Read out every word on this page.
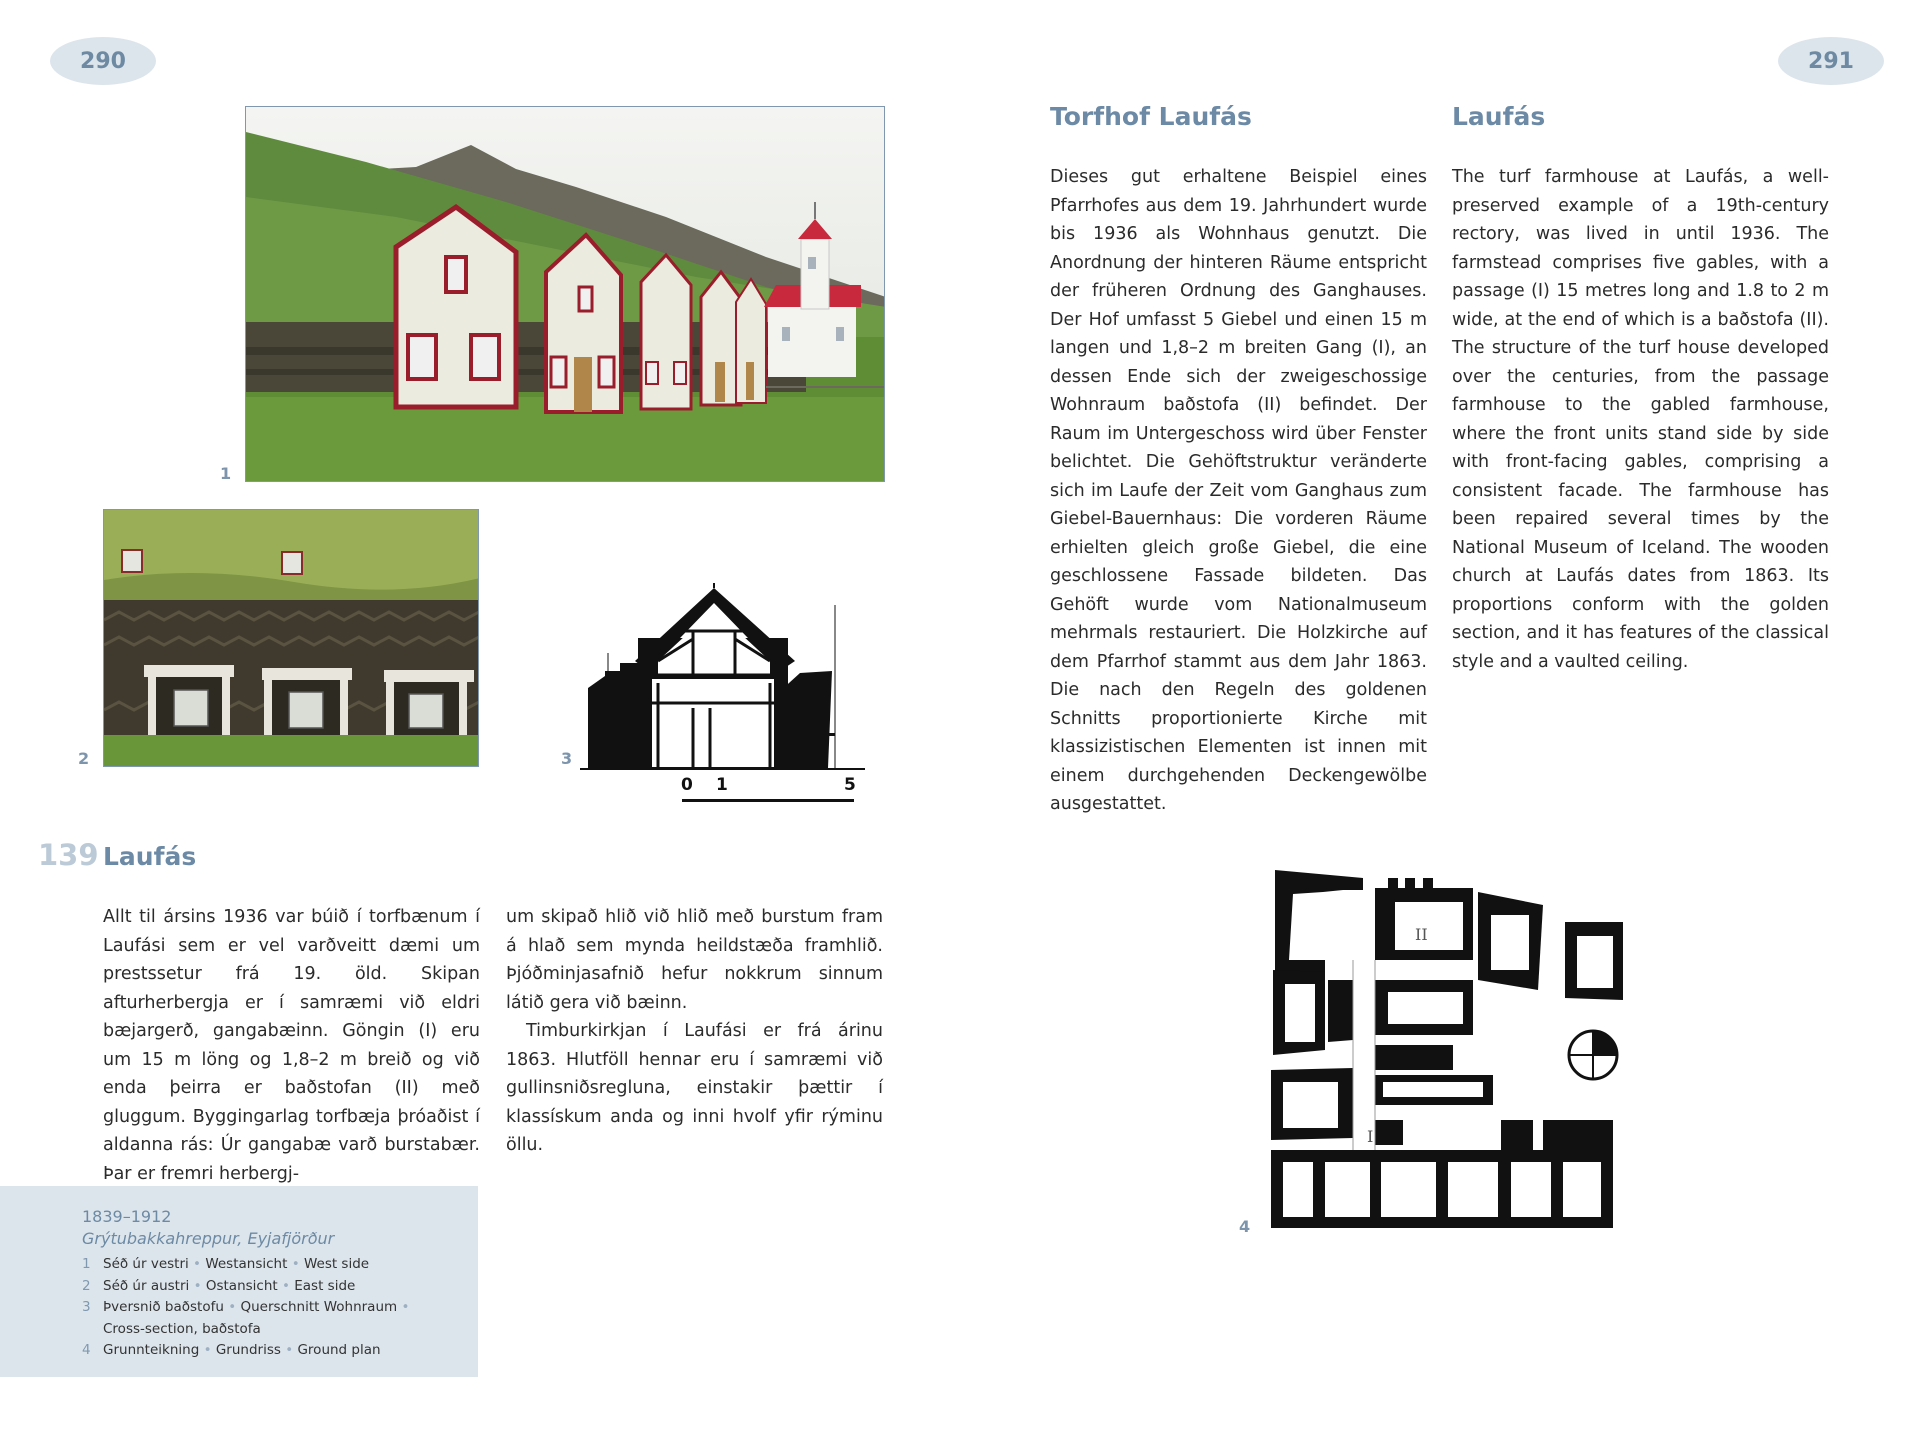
290	291
1
2	3
0 1	5
Torfhof Laufás

Dieses gut erhaltene Beispiel eines Pfarrhofes aus dem 19. Jahrhundert wurde bis 1936 als Wohnhaus genutzt. Die Anordnung der hinteren Räume entspricht der früheren Ordnung des Ganghauses. Der Hof umfasst 5 Giebel und einen 15 m langen und 1,8–2 m breiten Gang (I), an dessen Ende sich der zweigeschossige Wohnraum baðstofa (II) befindet. Der Raum im Untergeschoss wird über Fenster belichtet. Die Gehöftstruktur veränderte sich im Laufe der Zeit vom Ganghaus zum Giebel-Bauernhaus: Die vorderen Räume erhielten gleich große Giebel, die eine geschlossene Fassade bildeten. Das Gehöft wurde vom Nationalmuseum mehrmals restauriert. Die Holzkirche auf dem Pfarrhof stammt aus dem Jahr 1863. Die nach den Regeln des goldenen Schnitts proportionierte Kirche mit klassizistischen Elementen ist innen mit einem durchgehenden Deckengewölbe ausgestattet.

Laufás

The turf farmhouse at Laufás, a well-preserved example of a 19th-century rectory, was lived in until 1936. The farmstead comprises five gables, with a passage (I) 15 metres long and 1.8 to 2 m wide, at the end of which is a baðstofa (II). The structure of the turf house developed over the centuries, from the passage farmhouse to the gabled farmhouse, where the front units stand side by side with front-facing gables, comprising a consistent facade. The farmhouse has been repaired several times by the National Museum of Iceland. The wooden church at Laufás dates from 1863. Its proportions conform with the golden section, and it has features of the classical style and a vaulted ceiling.

139 Laufás

Allt til ársins 1936 var búið í torfbænum í Laufási sem er vel varðveitt dæmi um prestssetur frá 19. öld. Skipan afturherbergja er í samræmi við eldri bæjargerð, gangabæinn. Göngin (I) eru um 15 m löng og 1,8–2 m breið og við enda þeirra er baðstofan (II) með gluggum. Byggingarlag torfbæja þróaðist í aldanna rás: Úr gangabæ varð burstabær. Þar er fremri herbergj-

um skipað hlið við hlið með burstum fram á hlað sem mynda heildstæða framhlið. Þjóðminjasafnið hefur nokkrum sinnum látið gera við bæinn.

Timburkirkjan í Laufási er frá árinu 1863. Hlutföll hennar eru í samræmi við gullinsniðsregluna, einstakir þættir í klassískum anda og inni hvolf yfir rýminu öllu.

1839–1912
Grýtubakkahreppur, Eyjafjörður
1 Séð úr vestri • Westansicht • West side
2 Séð úr austri • Ostansicht • East side
3 Þversnið baðstofu • Querschnitt Wohnraum •
Cross-section, baðstofa
4 Grunnteikning • Grundriss • Ground plan
II
I
4
